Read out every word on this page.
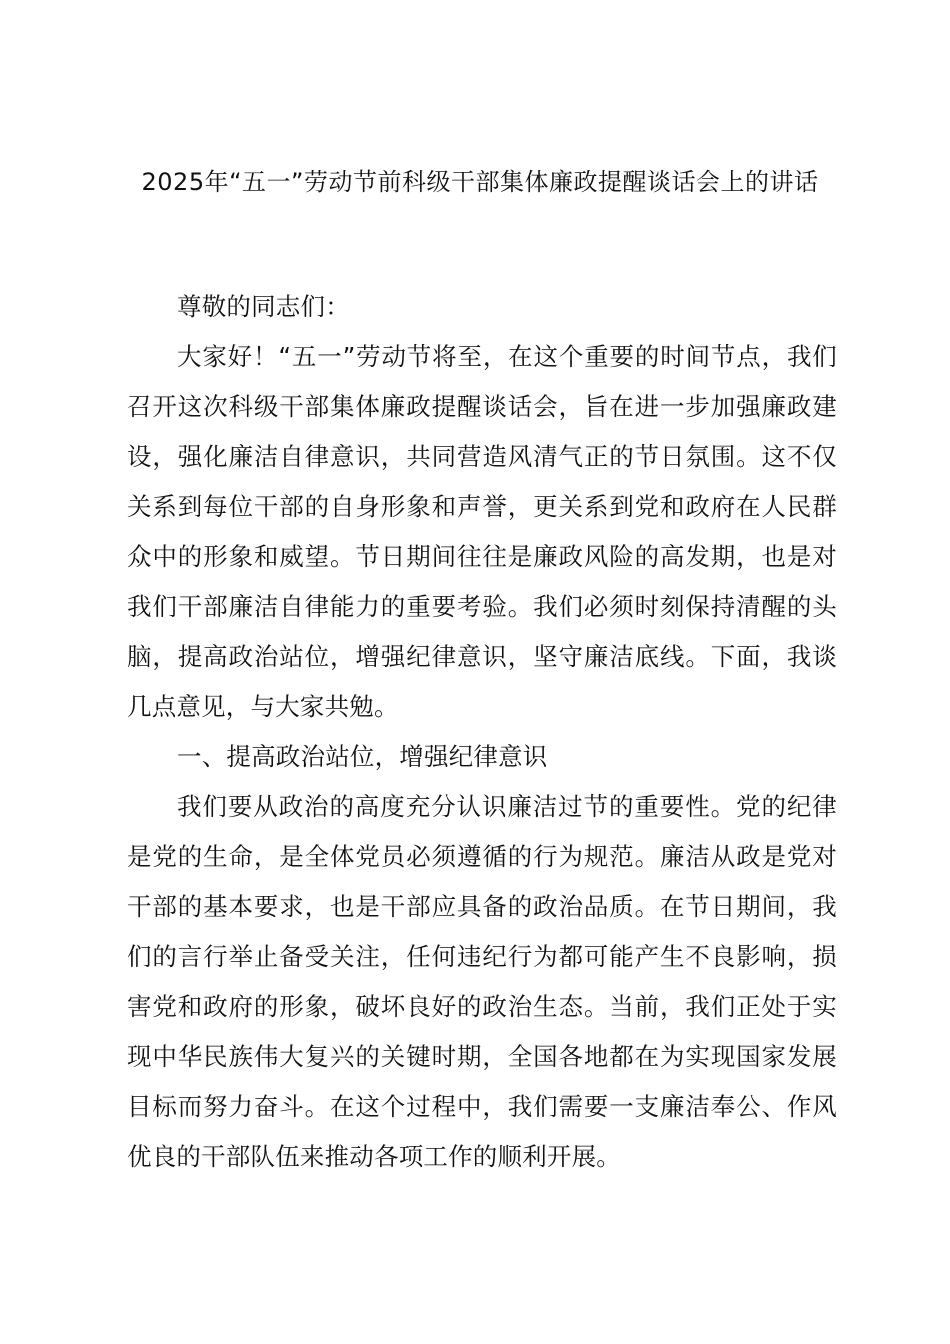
2025年“五一”劳动节前科级干部集体廉政提醒谈话会上的讲话

尊敬的同志们：

大家好！“五一”劳动节将至，在这个重要的时间节点，我们召开这次科级干部集体廉政提醒谈话会，旨在进一步加强廉政建设，强化廉洁自律意识，共同营造风清气正的节日氛围。这不仅关系到每位干部的自身形象和声誉，更关系到党和政府在人民群众中的形象和威望。节日期间往往是廉政风险的高发期，也是对我们干部廉洁自律能力的重要考验。我们必须时刻保持清醒的头脑，提高政治站位，增强纪律意识，坚守廉洁底线。下面，我谈几点意见，与大家共勉。

一、提高政治站位，增强纪律意识

我们要从政治的高度充分认识廉洁过节的重要性。党的纪律是党的生命，是全体党员必须遵循的行为规范。廉洁从政是党对干部的基本要求，也是干部应具备的政治品质。在节日期间，我们的言行举止备受关注，任何违纪行为都可能产生不良影响，损害党和政府的形象，破坏良好的政治生态。当前，我们正处于实现中华民族伟大复兴的关键时期，全国各地都在为实现国家发展目标而努力奋斗。在这个过程中，我们需要一支廉洁奉公、作风优良的干部队伍来推动各项工作的顺利开展。
